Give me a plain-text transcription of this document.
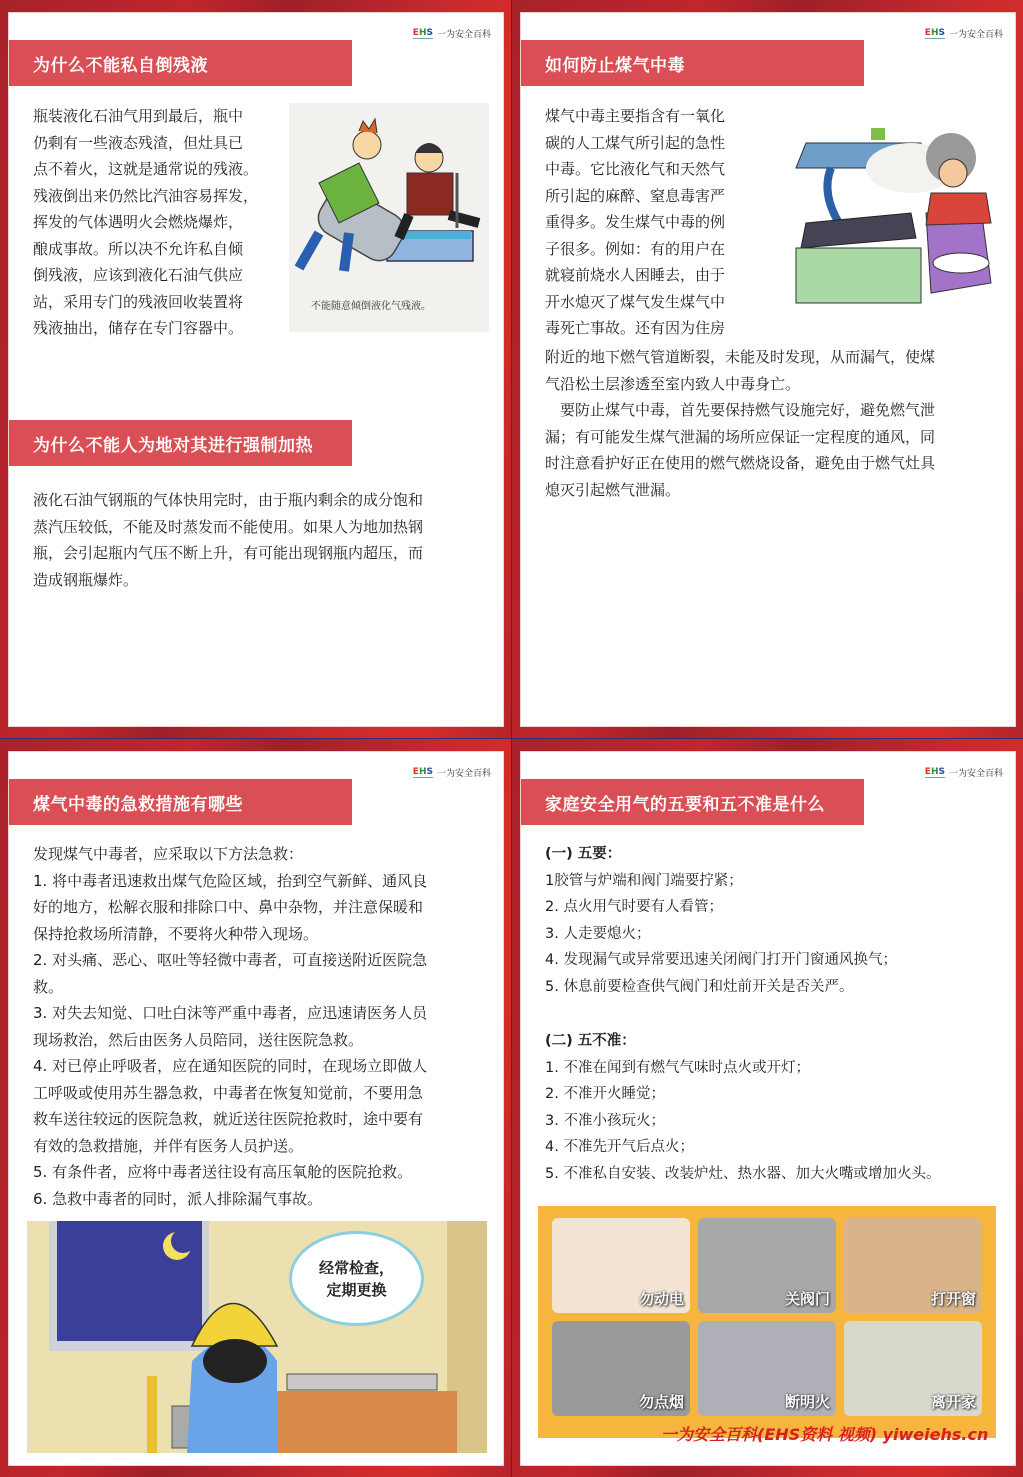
EHS 一为安全百科
为什么不能私自倒残液
瓶装液化石油气用到最后，瓶中
仍剩有一些液态残渣，但灶具已
点不着火，这就是通常说的残液。
残液倒出来仍然比汽油容易挥发，
挥发的气体遇明火会燃烧爆炸，
酿成事故。所以决不允许私自倾
倒残液，应该到液化石油气供应
站，采用专门的残液回收装置将
残液抽出，储存在专门容器中。
不能随意倾倒液化气残液。
为什么不能人为地对其进行强制加热
液化石油气钢瓶的气体快用完时，由于瓶内剩余的成分饱和
蒸汽压较低，不能及时蒸发而不能使用。如果人为地加热钢
瓶，会引起瓶内气压不断上升，有可能出现钢瓶内超压，而
造成钢瓶爆炸。
EHS 一为安全百科
如何防止煤气中毒
煤气中毒主要指含有一氧化
碳的人工煤气所引起的急性
中毒。它比液化气和天然气
所引起的麻醉、窒息毒害严
重得多。发生煤气中毒的例
子很多。例如：有的用户在
就寝前烧水人困睡去，由于
开水熄灭了煤气发生煤气中
毒死亡事故。还有因为住房
附近的地下燃气管道断裂，未能及时发现，从而漏气，使煤
气沿松土层渗透至室内致人中毒身亡。
　要防止煤气中毒，首先要保持燃气设施完好，避免燃气泄
漏；有可能发生煤气泄漏的场所应保证一定程度的通风，同
时注意看护好正在使用的燃气燃烧设备，避免由于燃气灶具
熄灭引起燃气泄漏。
EHS 一为安全百科
煤气中毒的急救措施有哪些
发现煤气中毒者，应采取以下方法急救：
1. 将中毒者迅速救出煤气危险区域，抬到空气新鲜、通风良
好的地方，松解衣服和排除口中、鼻中杂物，并注意保暖和
保持抢救场所清静，不要将火种带入现场。
2. 对头痛、恶心、呕吐等轻微中毒者，可直接送附近医院急
救。
3. 对失去知觉、口吐白沫等严重中毒者，应迅速请医务人员
现场救治，然后由医务人员陪同，送往医院急救。
4. 对已停止呼吸者，应在通知医院的同时，在现场立即做人
工呼吸或使用苏生器急救，中毒者在恢复知觉前，不要用急
救车送往较远的医院急救，就近送往医院抢救时，途中要有
有效的急救措施，并伴有医务人员护送。
5. 有条件者，应将中毒者送往设有高压氧舱的医院抢救。
6. 急救中毒者的同时，派人排除漏气事故。
经常检查，
定期更换
EHS 一为安全百科
家庭安全用气的五要和五不准是什么
(一) 五要：
1胶管与炉端和阀门端要拧紧；
2. 点火用气时要有人看管；
3. 人走要熄火；
4. 发现漏气或异常要迅速关闭阀门打开门窗通风换气；
5. 休息前要检查供气阀门和灶前开关是否关严。
(二) 五不准：
1. 不准在闻到有燃气气味时点火或开灯；
2. 不准开火睡觉；
3. 不准小孩玩火；
4. 不准先开气后点火；
5. 不准私自安装、改装炉灶、热水器、加大火嘴或增加火头。
勿动电	关阀门	打开窗
勿点烟	断明火	离开家
一为安全百科(EHS资料 视频) yiweiehs.cn
